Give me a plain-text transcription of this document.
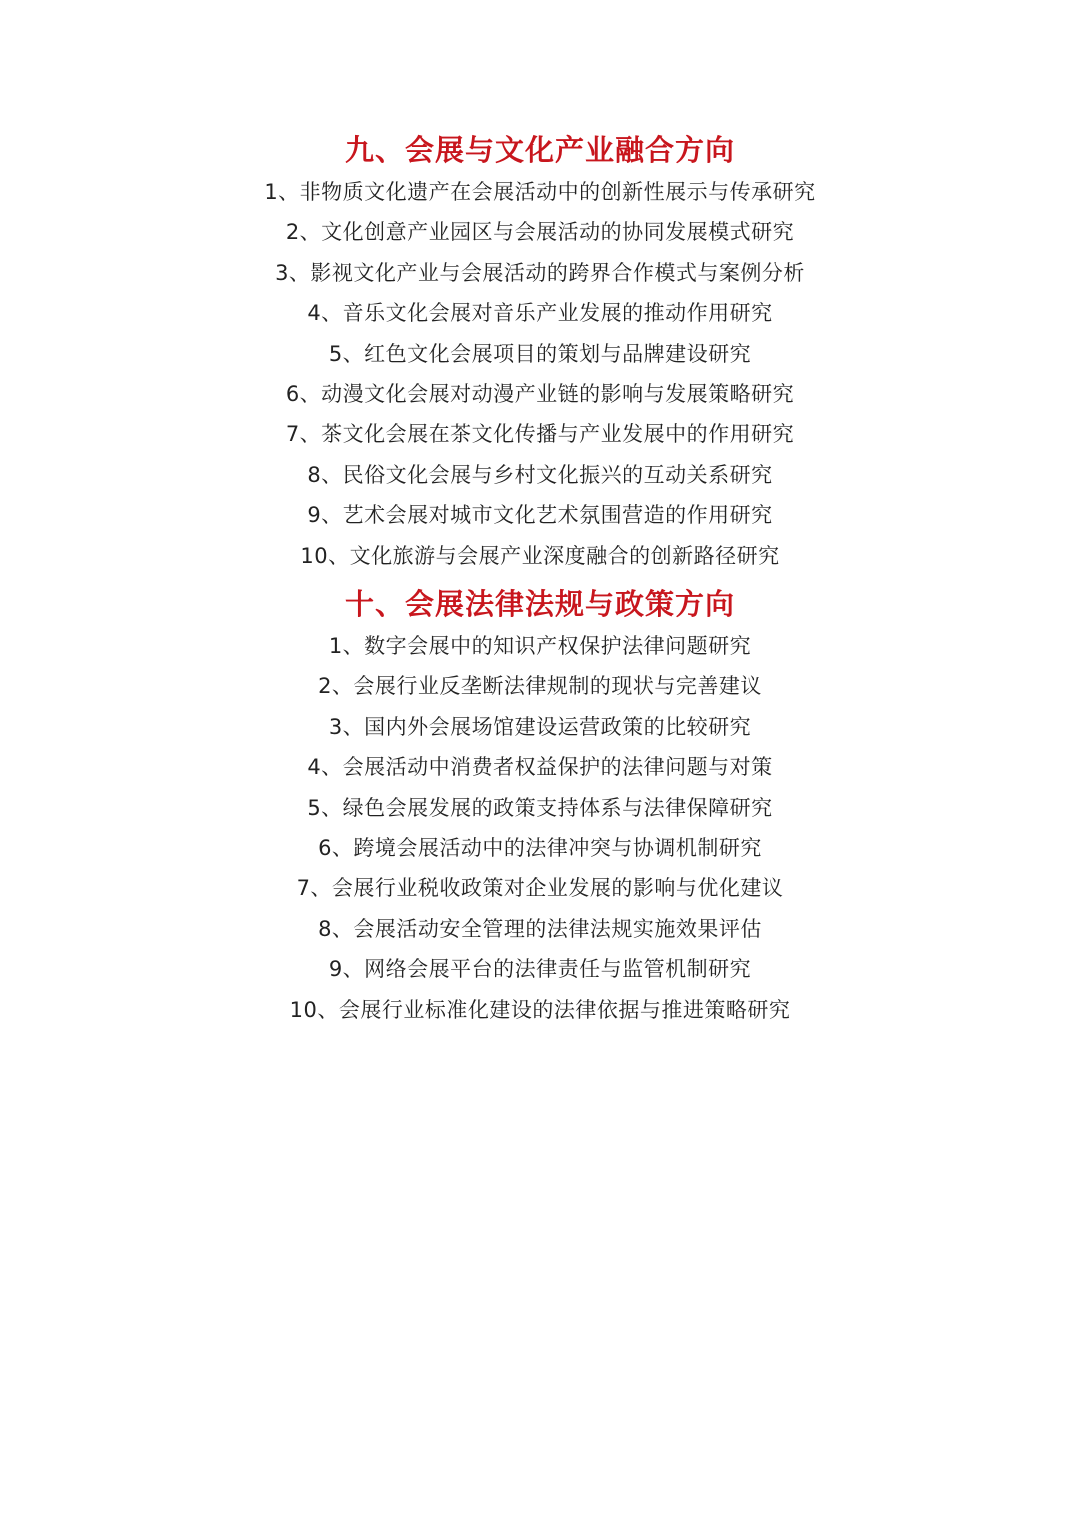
九、会展与文化产业融合方向
1、非物质文化遗产在会展活动中的创新性展示与传承研究
2、文化创意产业园区与会展活动的协同发展模式研究
3、影视文化产业与会展活动的跨界合作模式与案例分析
4、音乐文化会展对音乐产业发展的推动作用研究
5、红色文化会展项目的策划与品牌建设研究
6、动漫文化会展对动漫产业链的影响与发展策略研究
7、茶文化会展在茶文化传播与产业发展中的作用研究
8、民俗文化会展与乡村文化振兴的互动关系研究
9、艺术会展对城市文化艺术氛围营造的作用研究
10、文化旅游与会展产业深度融合的创新路径研究
十、会展法律法规与政策方向
1、数字会展中的知识产权保护法律问题研究
2、会展行业反垄断法律规制的现状与完善建议
3、国内外会展场馆建设运营政策的比较研究
4、会展活动中消费者权益保护的法律问题与对策
5、绿色会展发展的政策支持体系与法律保障研究
6、跨境会展活动中的法律冲突与协调机制研究
7、会展行业税收政策对企业发展的影响与优化建议
8、会展活动安全管理的法律法规实施效果评估
9、网络会展平台的法律责任与监管机制研究
10、会展行业标准化建设的法律依据与推进策略研究
